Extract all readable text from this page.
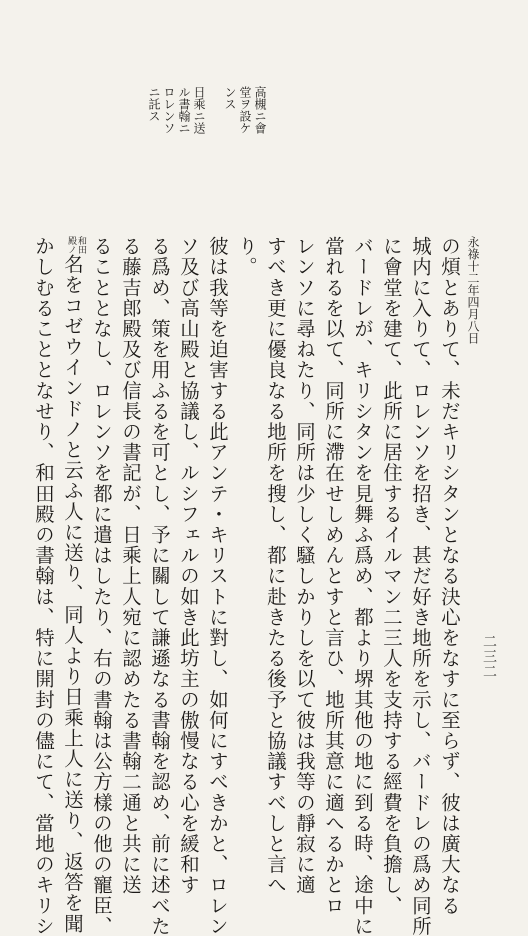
二三二
永祿十二年四月八日
高槻ニ會
堂ヲ設ケ
ンス
日乘ニ送
ル書翰ニ
ロレンソ
ニ託ス
の煩とありて、未だキリシタンとなる決心をなすに至らず、彼は廣大なる
城内に入りて、ロレンソを招き、甚だ好き地所を示し、バードレの爲め同所
に會堂を建て、此所に居住するイルマン二三人を支持する經費を負擔し、
バードレが、キリシタンを見舞ふ爲め、都より堺其他の地に到る時、途中に
當れるを以て、同所に滯在せしめんとすと言ひ、地所其意に適へるかとロ
レンソに尋ねたり、同所は少しく騷しかりしを以て彼は我等の靜寂に適
すべき更に優良なる地所を搜し、都に赴きたる後予と協議すべしと言へ
り。
彼は我等を迫害する此アンテ・キリストに對し、如何にすべきかと、ロレン
ソ及び高山殿と協議し、ルシフェルの如き此坊主の傲慢なる心を緩和す
る爲め、策を用ふるを可とし、予に關して謙遜なる書翰を認め、前に述べた
る藤吉郎殿及び信長の書記が、日乘上人宛に認めたる書翰二通と共に送
ることとなし、ロレンソを都に遣はしたり、右の書翰は公方樣の他の寵臣、
和田
殿ノ名をコゼウインドノと云ふ人に送り、同人より日乘上人に送り、返答を聞
かしむることとなせり、和田殿の書翰は、特に開封の儘にて、當地のキリシ
